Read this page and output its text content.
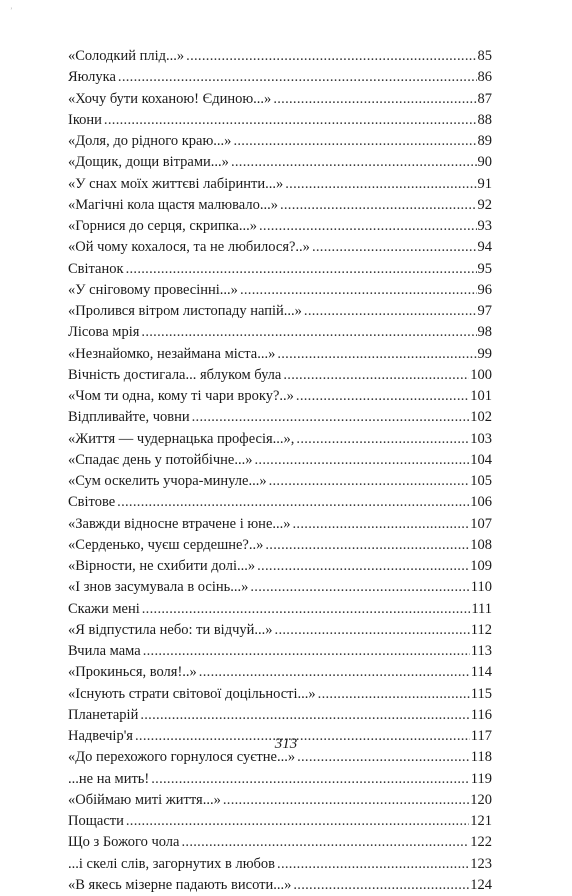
ʼ
«Солодкий плід...» .....	85
Яюлука .....	86
«Хочу бути коханою! Єдиною...» .....	87
Ікони .....	88
«Доля, до рідного краю...» .....	89
«Дощик, дощи вітрами...» .....	90
«У снах моїх життєві лабіринти...» .....	91
«Магічні кола щастя малювало...» .....	92
«Горнися до серця, скрипка...» .....	93
«Ой чому кохалося, та не любилося?..» .....	94
Світанок .....	95
«У сніговому провесінні...» .....	96
«Пролився вітром листопаду напій...» .....	97
Лісова мрія .....	98
«Незнайомко, незаймана міста...» .....	99
Вічність достигала... яблуком була .....	100
«Чом ти одна, кому ті чари вроку?..» .....	101
Відпливайте, човни .....	102
«Життя — чудернацька професія...», .....	103
«Спадає день у потойбічне...» .....	104
«Сум оскелить учора-минуле...» .....	105
Світове .....	106
«Завжди відносне втрачене і юне...» .....	107
«Серденько, чуєш сердешне?..» .....	108
«Вірности, не схибити долі...» .....	109
«І знов засумувала в осінь...» .....	110
Скажи мені .....	111
«Я відпустила небо: ти відчуй...» .....	112
Вчила мама .....	113
«Прокинься, воля!..» .....	114
«Існують страти світової доцільності...» .....	115
Планетарій .....	116
Надвечір'я .....	117
«До перехожого горнулося суєтне...» .....	118
...не на мить! .....	119
«Обіймаю миті життя...» .....	120
Пощасти .....	121
Що з Божого чола .....	122
...і скелі слів, загорнутих в любов .....	123
«В якесь мізерне падають висоти...» .....	124
313
